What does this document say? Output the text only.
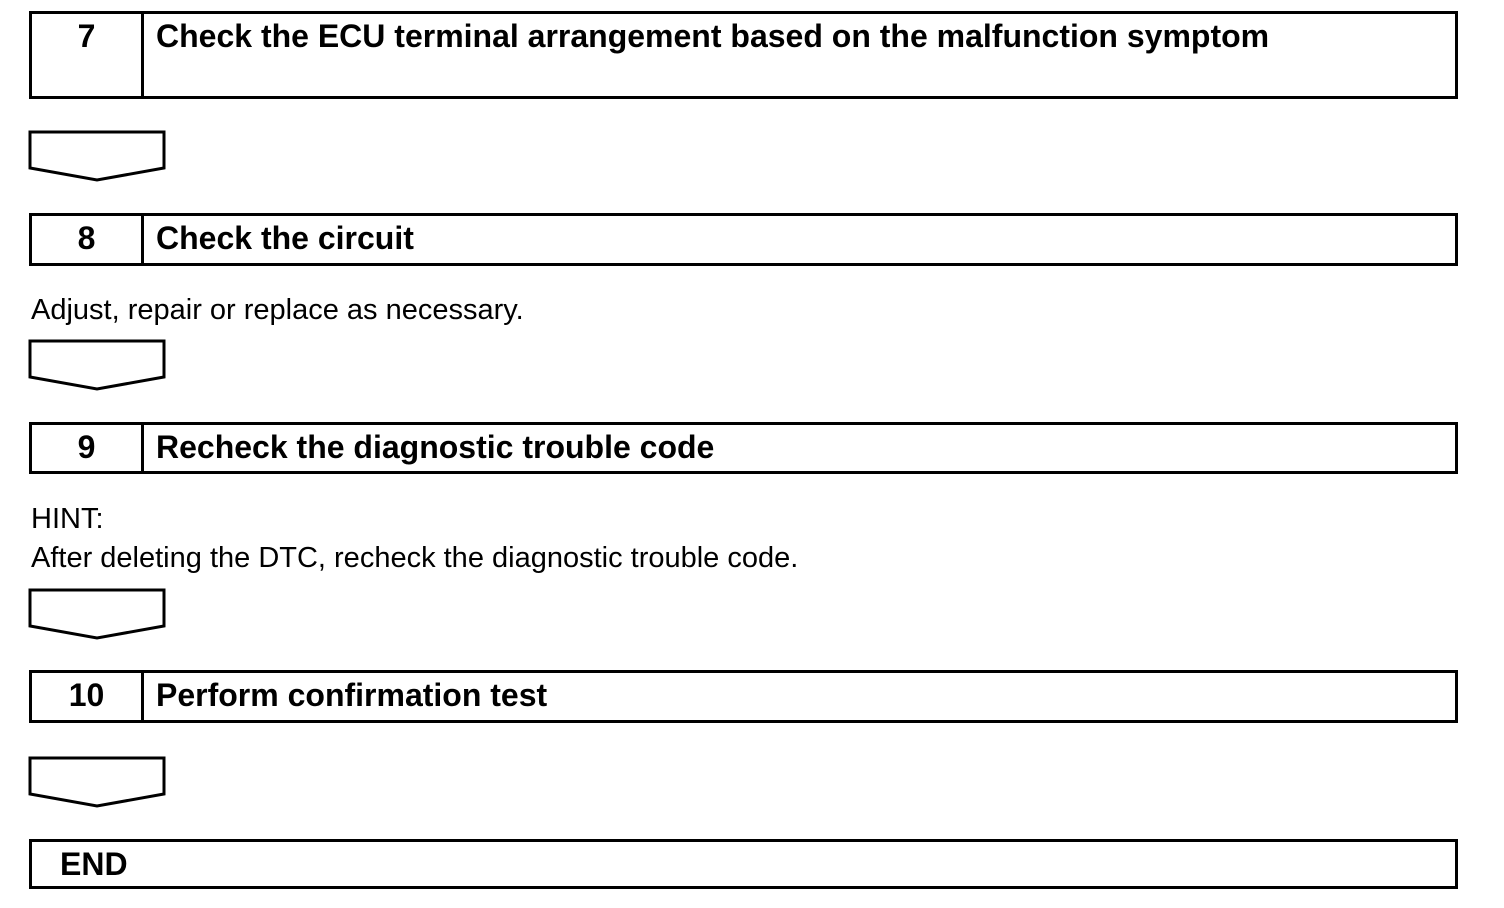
7	Check the ECU terminal arrangement based on the malfunction symptom
8	Check the circuit
Adjust, repair or replace as necessary.
9	Recheck the diagnostic trouble code
HINT:
After deleting the DTC, recheck the diagnostic trouble code.
10	Perform confirmation test
END
